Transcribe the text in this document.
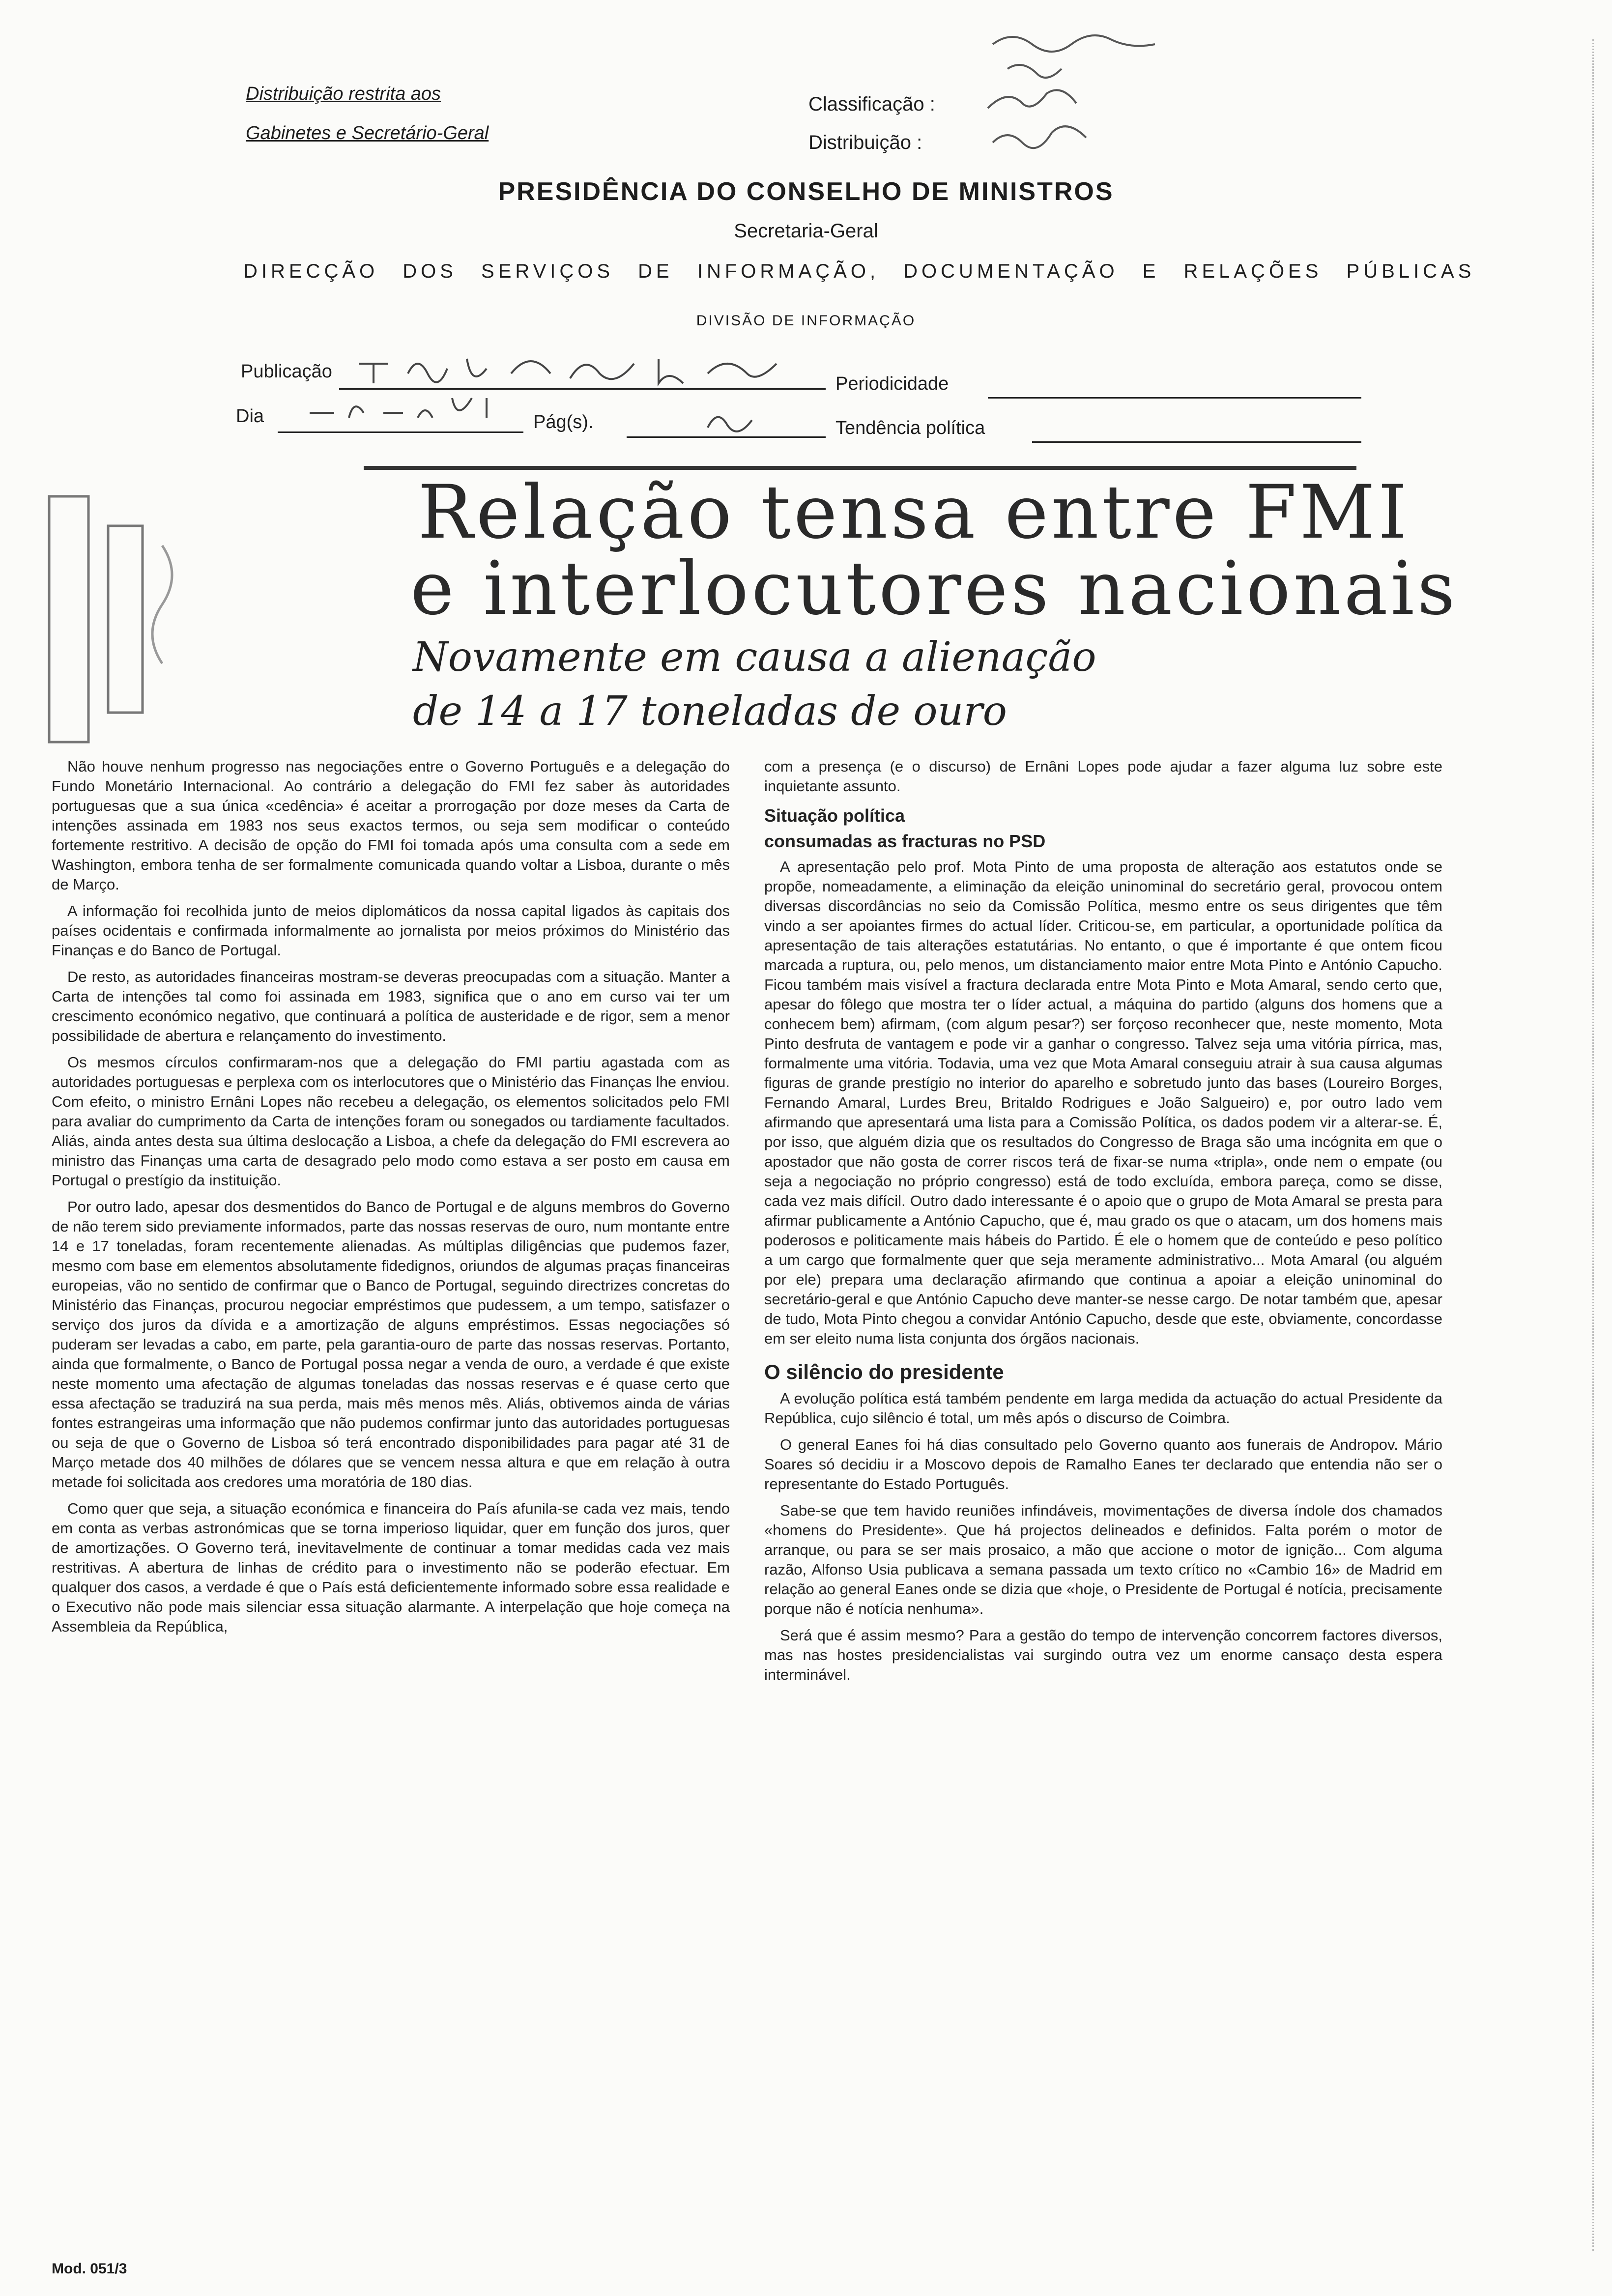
Distribuição restrita aos
Gabinetes e Secretário-Geral
Classificação :
Distribuição :
PRESIDÊNCIA DO CONSELHO DE MINISTROS
Secretaria-Geral
DIRECÇÃO DOS SERVIÇOS DE INFORMAÇÃO, DOCUMENTAÇÃO E RELAÇÕES PÚBLICAS
DIVISÃO DE INFORMAÇÃO
Publicação
Periodicidade
Dia	Pág(s).	Tendência política
Relação tensa entre FMI
e interlocutores nacionais
Novamente em causa a alienação
de 14 a 17 toneladas de ouro

Não houve nenhum progresso nas negociações entre o Governo Português e a delegação do Fundo Monetário Internacional. Ao contrário a delegação do FMI fez saber às autoridades portuguesas que a sua única «cedência» é aceitar a prorrogação por doze meses da Carta de intenções assinada em 1983 nos seus exactos termos, ou seja sem modificar o conteúdo fortemente restritivo. A decisão de opção do FMI foi tomada após uma consulta com a sede em Washington, embora tenha de ser formalmente comunicada quando voltar a Lisboa, durante o mês de Março.

A informação foi recolhida junto de meios diplomáticos da nossa capital ligados às capitais dos países ocidentais e confirmada informalmente ao jornalista por meios próximos do Ministério das Finanças e do Banco de Portugal.

De resto, as autoridades financeiras mostram-se deveras preocupadas com a situação. Manter a Carta de intenções tal como foi assinada em 1983, significa que o ano em curso vai ter um crescimento económico negativo, que continuará a política de austeridade e de rigor, sem a menor possibilidade de abertura e relançamento do investimento.

Os mesmos círculos confirmaram-nos que a delegação do FMI partiu agastada com as autoridades portuguesas e perplexa com os interlocutores que o Ministério das Finanças lhe enviou. Com efeito, o ministro Ernâni Lopes não recebeu a delegação, os elementos solicitados pelo FMI para avaliar do cumprimento da Carta de intenções foram ou sonegados ou tardiamente facultados. Aliás, ainda antes desta sua última deslocação a Lisboa, a chefe da delegação do FMI escrevera ao ministro das Finanças uma carta de desagrado pelo modo como estava a ser posto em causa em Portugal o prestígio da instituição.

Por outro lado, apesar dos desmentidos do Banco de Portugal e de alguns membros do Governo de não terem sido previamente informados, parte das nossas reservas de ouro, num montante entre 14 e 17 toneladas, foram recentemente alienadas. As múltiplas diligências que pudemos fazer, mesmo com base em elementos absolutamente fidedignos, oriundos de algumas praças financeiras europeias, vão no sentido de confirmar que o Banco de Portugal, seguindo directrizes concretas do Ministério das Finanças, procurou negociar empréstimos que pudessem, a um tempo, satisfazer o serviço dos juros da dívida e a amortização de alguns empréstimos. Essas negociações só puderam ser levadas a cabo, em parte, pela garantia-ouro de parte das nossas reservas. Portanto, ainda que formalmente, o Banco de Portugal possa negar a venda de ouro, a verdade é que existe neste momento uma afectação de algumas toneladas das nossas reservas e é quase certo que essa afectação se traduzirá na sua perda, mais mês menos mês. Aliás, obtivemos ainda de várias fontes estrangeiras uma informação que não pudemos confirmar junto das autoridades portuguesas ou seja de que o Governo de Lisboa só terá encontrado disponibilidades para pagar até 31 de Março metade dos 40 milhões de dólares que se vencem nessa altura e que em relação à outra metade foi solicitada aos credores uma moratória de 180 dias.

Como quer que seja, a situação económica e financeira do País afunila-se cada vez mais, tendo em conta as verbas astronómicas que se torna imperioso liquidar, quer em função dos juros, quer de amortizações. O Governo terá, inevitavelmente de continuar a tomar medidas cada vez mais restritivas. A abertura de linhas de crédito para o investimento não se poderão efectuar. Em qualquer dos casos, a verdade é que o País está deficientemente informado sobre essa realidade e o Executivo não pode mais silenciar essa situação alarmante. A interpelação que hoje começa na Assembleia da República,

com a presença (e o discurso) de Ernâni Lopes pode ajudar a fazer alguma luz sobre este inquietante assunto.

Situação política
consumadas as fracturas no PSD

A apresentação pelo prof. Mota Pinto de uma proposta de alteração aos estatutos onde se propõe, nomeadamente, a eliminação da eleição uninominal do secretário geral, provocou ontem diversas discordâncias no seio da Comissão Política, mesmo entre os seus dirigentes que têm vindo a ser apoiantes firmes do actual líder. Criticou-se, em particular, a oportunidade política da apresentação de tais alterações estatutárias. No entanto, o que é importante é que ontem ficou marcada a ruptura, ou, pelo menos, um distanciamento maior entre Mota Pinto e António Capucho. Ficou também mais visível a fractura declarada entre Mota Pinto e Mota Amaral, sendo certo que, apesar do fôlego que mostra ter o líder actual, a máquina do partido (alguns dos homens que a conhecem bem) afirmam, (com algum pesar?) ser forçoso reconhecer que, neste momento, Mota Pinto desfruta de vantagem e pode vir a ganhar o congresso. Talvez seja uma vitória pírrica, mas, formalmente uma vitória. Todavia, uma vez que Mota Amaral conseguiu atrair à sua causa algumas figuras de grande prestígio no interior do aparelho e sobretudo junto das bases (Loureiro Borges, Fernando Amaral, Lurdes Breu, Britaldo Rodrigues e João Salgueiro) e, por outro lado vem afirmando que apresentará uma lista para a Comissão Política, os dados podem vir a alterar-se. É, por isso, que alguém dizia que os resultados do Congresso de Braga são uma incógnita em que o apostador que não gosta de correr riscos terá de fixar-se numa «tripla», onde nem o empate (ou seja a negociação no próprio congresso) está de todo excluída, embora pareça, como se disse, cada vez mais difícil. Outro dado interessante é o apoio que o grupo de Mota Amaral se presta para afirmar publicamente a António Capucho, que é, mau grado os que o atacam, um dos homens mais poderosos e politicamente mais hábeis do Partido. É ele o homem que de conteúdo e peso político a um cargo que formalmente quer que seja meramente administrativo... Mota Amaral (ou alguém por ele) prepara uma declaração afirmando que continua a apoiar a eleição uninominal do secretário-geral e que António Capucho deve manter-se nesse cargo. De notar também que, apesar de tudo, Mota Pinto chegou a convidar António Capucho, desde que este, obviamente, concordasse em ser eleito numa lista conjunta dos órgãos nacionais.

O silêncio do presidente

A evolução política está também pendente em larga medida da actuação do actual Presidente da República, cujo silêncio é total, um mês após o discurso de Coimbra.

O general Eanes foi há dias consultado pelo Governo quanto aos funerais de Andropov. Mário Soares só decidiu ir a Moscovo depois de Ramalho Eanes ter declarado que entendia não ser o representante do Estado Português.

Sabe-se que tem havido reuniões infindáveis, movimentações de diversa índole dos chamados «homens do Presidente». Que há projectos delineados e definidos. Falta porém o motor de arranque, ou para se ser mais prosaico, a mão que accione o motor de ignição... Com alguma razão, Alfonso Usia publicava a semana passada um texto crítico no «Cambio 16» de Madrid em relação ao general Eanes onde se dizia que «hoje, o Presidente de Portugal é notícia, precisamente porque não é notícia nenhuma».

Será que é assim mesmo? Para a gestão do tempo de intervenção concorrem factores diversos, mas nas hostes presidencialistas vai surgindo outra vez um enorme cansaço desta espera interminável.

Mod. 051/3
